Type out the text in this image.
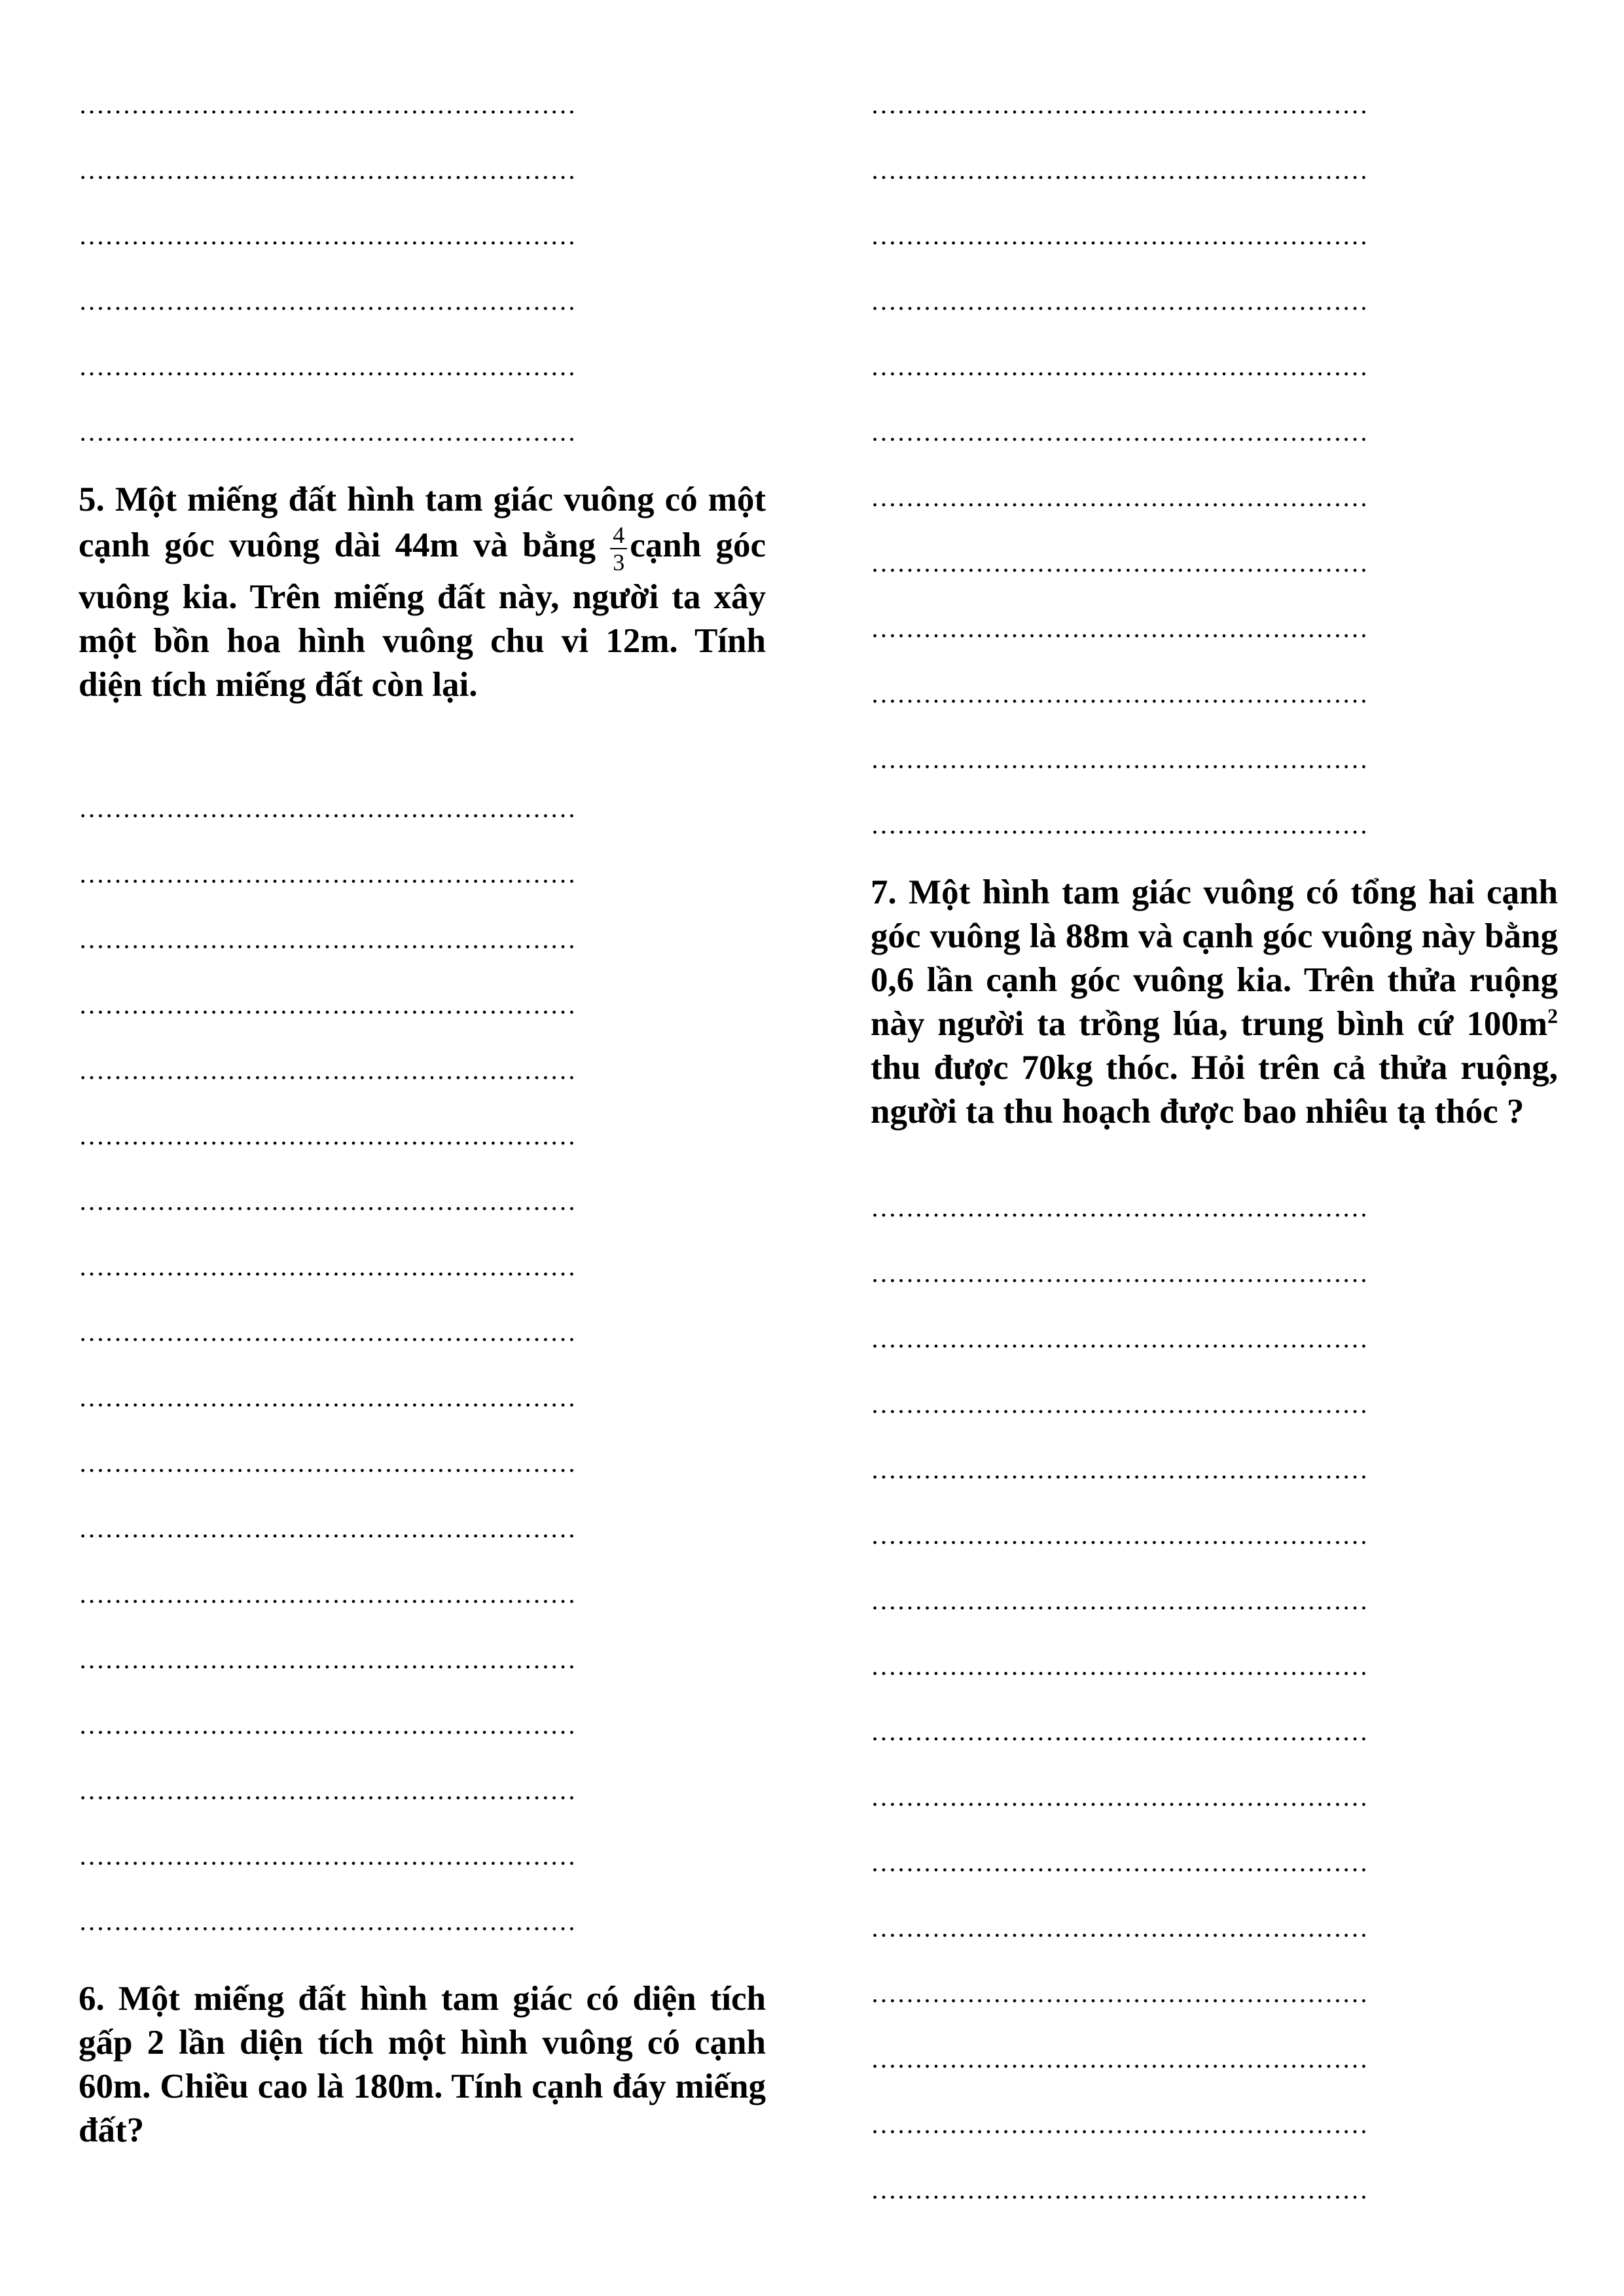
…………………………………………………
…………………………………………………
…………………………………………………
…………………………………………………
…………………………………………………
…………………………………………………

5. Một miếng đất hình tam giác vuông có một cạnh góc vuông dài 44m và bằng $\frac{4}{3}$ cạnh góc vuông kia. Trên miếng đất này, người ta xây một bồn hoa hình vuông chu vi 12m. Tính diện tích miếng đất còn lại.

…………………………………………………
…………………………………………………
…………………………………………………
…………………………………………………
…………………………………………………
…………………………………………………
…………………………………………………
…………………………………………………
…………………………………………………
…………………………………………………
…………………………………………………
…………………………………………………
…………………………………………………
…………………………………………………
…………………………………………………
…………………………………………………
…………………………………………………
…………………………………………………

6. Một miếng đất hình tam giác có diện tích gấp 2 lần diện tích một hình vuông có cạnh 60m. Chiều cao là 180m. Tính cạnh đáy miếng đất?

…………………………………………………
…………………………………………………
…………………………………………………
…………………………………………………
…………………………………………………
…………………………………………………
…………………………………………………
…………………………………………………
…………………………………………………
…………………………………………………
…………………………………………………
…………………………………………………

7. Một hình tam giác vuông có tổng hai cạnh góc vuông là 88m và cạnh góc vuông này bằng 0,6 lần cạnh góc vuông kia. Trên thửa ruộng này người ta trồng lúa, trung bình cứ $100m^2$ thu được 70kg thóc. Hỏi trên cả thửa ruộng, người ta thu hoạch được bao nhiêu tạ thóc ?

…………………………………………………
…………………………………………………
…………………………………………………
…………………………………………………
…………………………………………………
…………………………………………………
…………………………………………………
…………………………………………………
…………………………………………………
…………………………………………………
…………………………………………………
…………………………………………………
…………………………………………………
…………………………………………………
…………………………………………………
…………………………………………………
